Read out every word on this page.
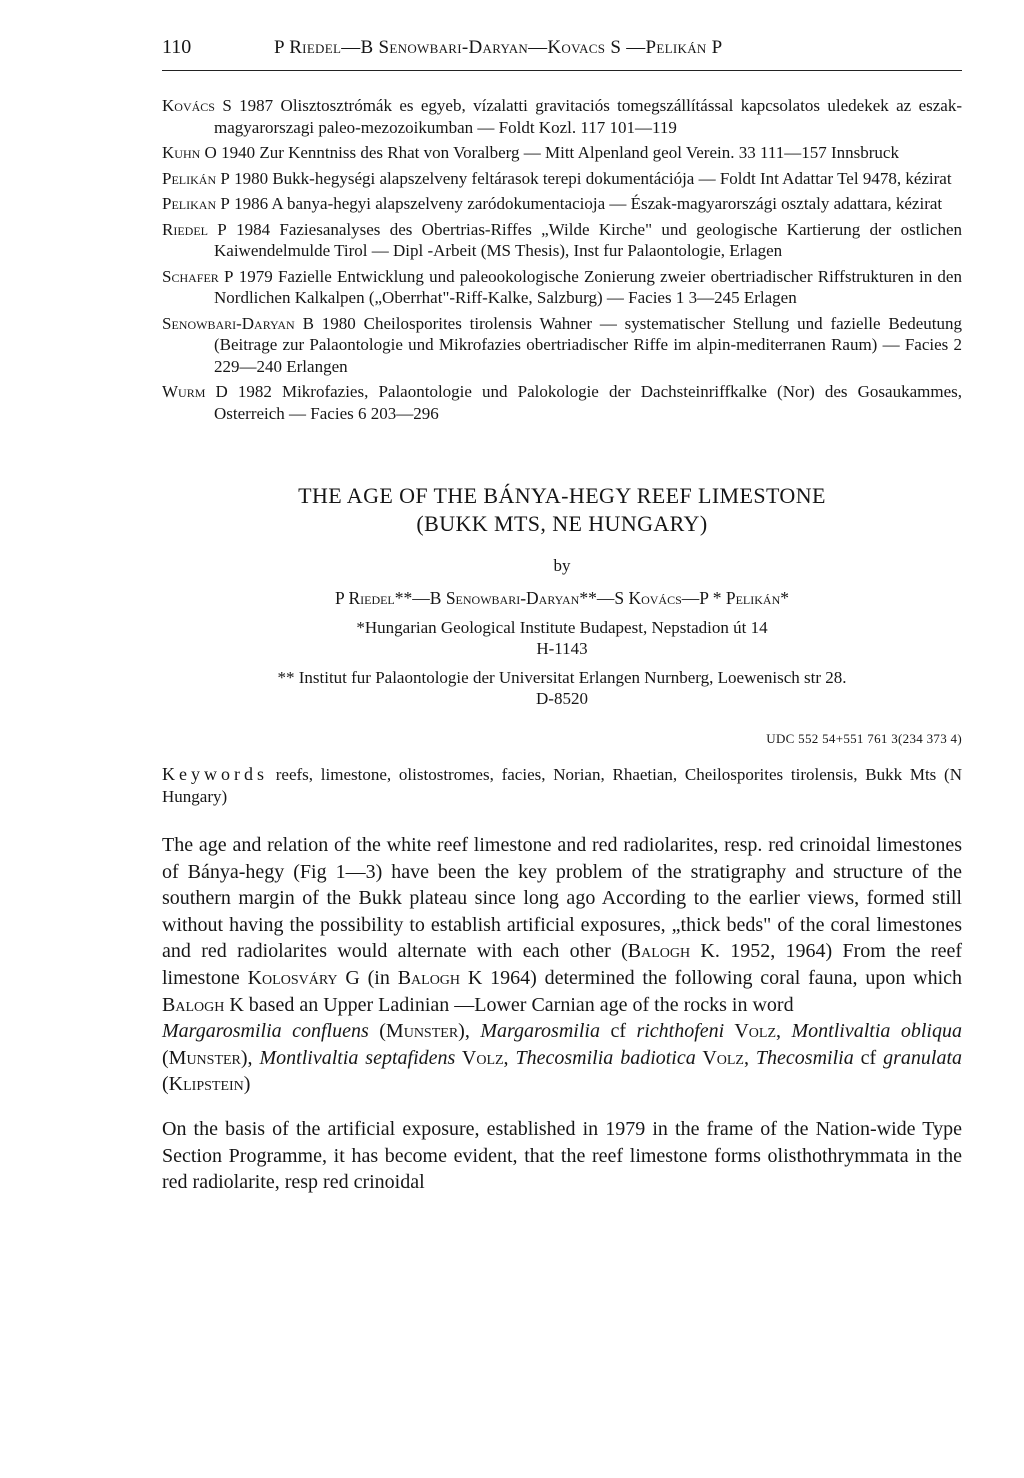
110	P Riedel—B Senowbari-Daryan—Kovacs S —Pelikán P

Kovács S 1987 Olisztosztrómák es egyeb, vízalatti gravitaciós tomegszállítással kapcsolatos uledekek az eszak-magyarorszagi paleo-mezozoikumban — Foldt Kozl. 117 101—119

Kuhn O 1940 Zur Kenntniss des Rhat von Voralberg — Mitt Alpenland geol Verein. 33 111—157 Innsbruck

Pelikán P 1980 Bukk-hegységi alapszelveny feltárasok terepi dokumentációja — Foldt Int Adattar Tel 9478, kézirat

Pelikan P 1986 A banya-hegyi alapszelveny zaródokumentacioja — Észak-magyarországi osztaly adattara, kézirat

Riedel P 1984 Faziesanalyses des Obertrias-Riffes „Wilde Kirche" und geologische Kartierung der ostlichen Kaiwendelmulde Tirol — Dipl -Arbeit (MS Thesis), Inst fur Palaontologie, Erlagen

Schafer P 1979 Fazielle Entwicklung und paleookologische Zonierung zweier obertriadischer Riffstrukturen in den Nordlichen Kalkalpen („Oberrhat"-Riff-Kalke, Salzburg) — Facies 1 3—245 Erlagen

Senowbari-Daryan B 1980 Cheilosporites tirolensis Wahner — systematischer Stellung und fazielle Bedeutung (Beitrage zur Palaontologie und Mikrofazies obertriadischer Riffe im alpin-mediterranen Raum) — Facies 2 229—240 Erlangen

Wurm D 1982 Mikrofazies, Palaontologie und Palokologie der Dachsteinriffkalke (Nor) des Gosaukammes, Osterreich — Facies 6 203—296

THE AGE OF THE BÁNYA-HEGY REEF LIMESTONE
(BUKK MTS, NE HUNGARY)
by
P Riedel**—B Senowbari-Daryan**—S Kovács—P * Pelikán*
*Hungarian Geological Institute Budapest, Nepstadion út 14
H-1143
** Institut fur Palaontologie der Universitat Erlangen Nurnberg, Loewenisch str 28.
D-8520
UDC 552 54+551 761 3(234 373 4)
Keywords reefs, limestone, olistostromes, facies, Norian, Rhaetian, Cheilosporites tirolensis, Bukk Mts (N Hungary)

The age and relation of the white reef limestone and red radiolarites, resp. red crinoidal limestones of Bánya-hegy (Fig 1—3) have been the key problem of the stratigraphy and structure of the southern margin of the Bukk plateau since long ago According to the earlier views, formed still without having the possibility to establish artificial exposures, „thick beds" of the coral limestones and red radiolarites would alternate with each other (Balogh K. 1952, 1964) From the reef limestone Kolosváry G (in Balogh K 1964) determined the following coral fauna, upon which Balogh K based an Upper Ladinian —Lower Carnian age of the rocks in word

Margarosmilia confluens (Munster), Margarosmilia cf richthofeni Volz, Montlivaltia obliqua (Munster), Montlivaltia septafidens Volz, Thecosmilia badiotica Volz, Thecosmilia cf granulata (Klipstein)

On the basis of the artificial exposure, established in 1979 in the frame of the Nation-wide Type Section Programme, it has become evident, that the reef limestone forms olisthothrymmata in the red radiolarite, resp red crinoidal
